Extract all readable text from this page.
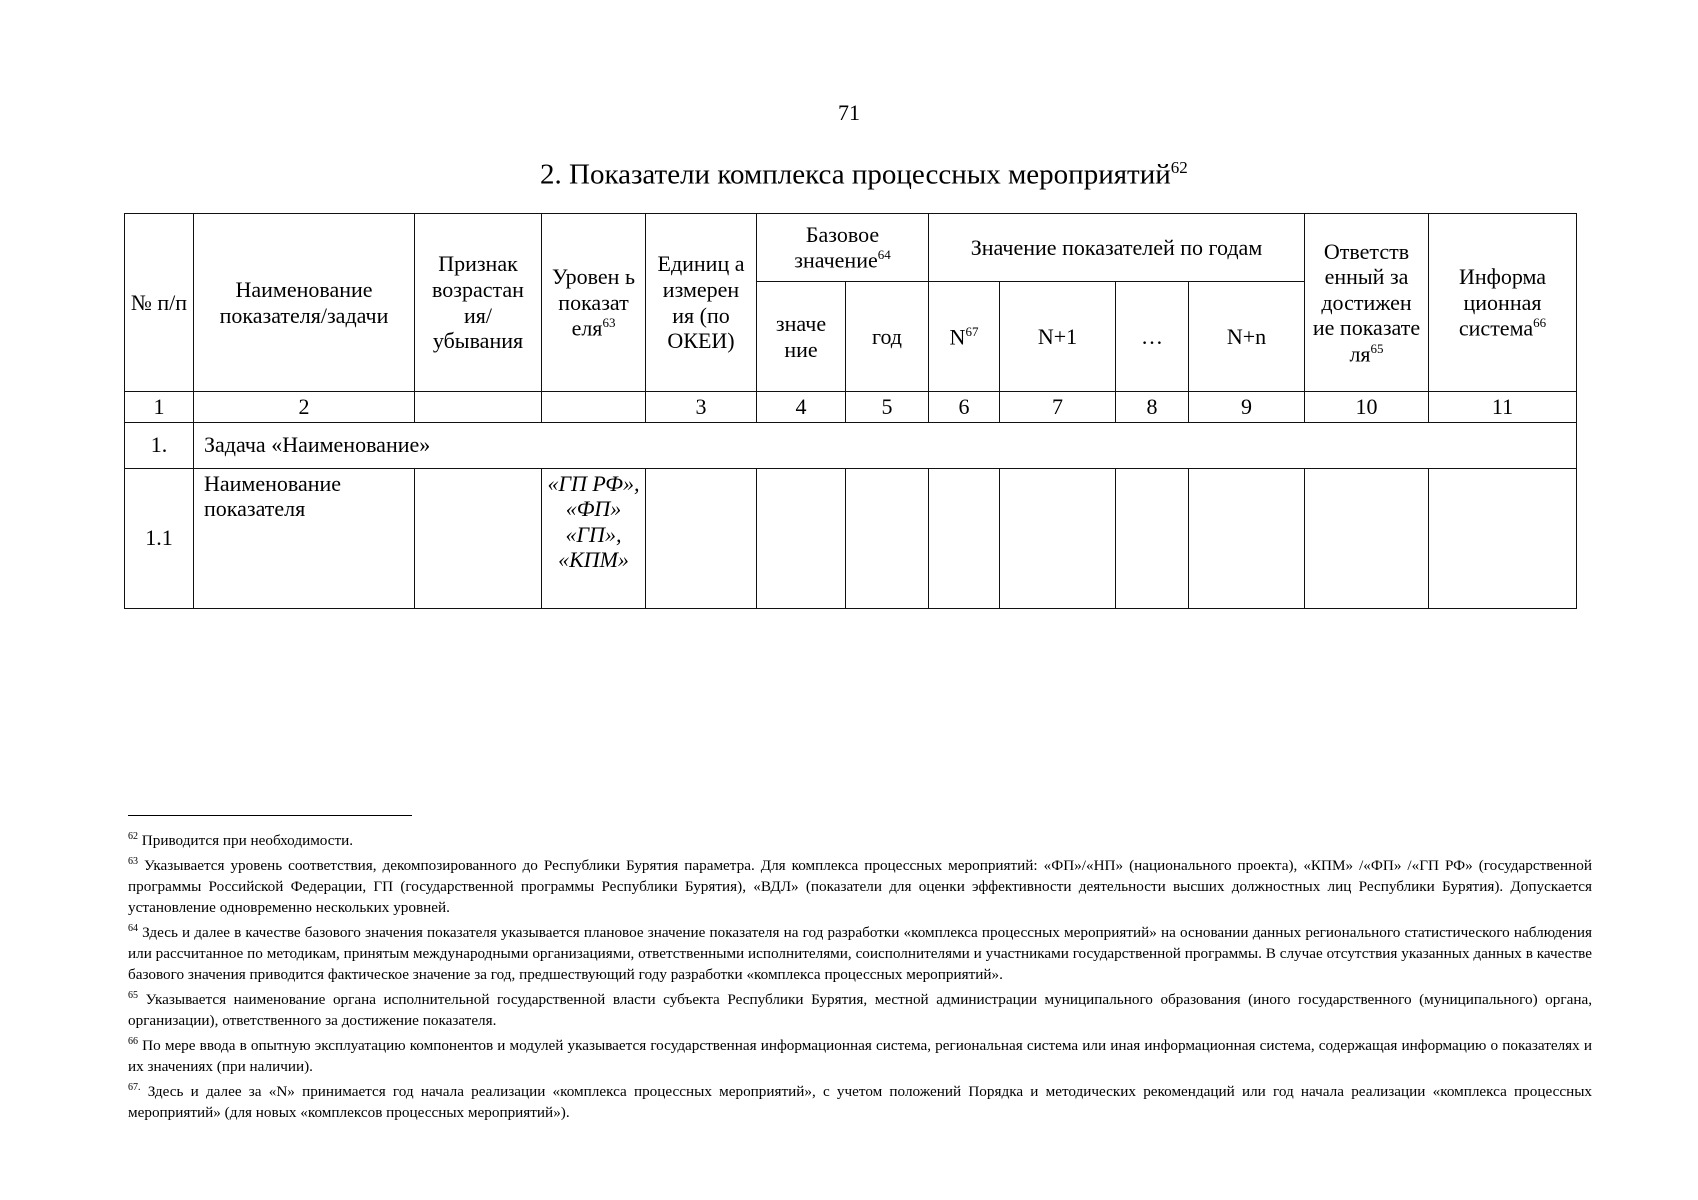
71
2. Показатели комплекса процессных мероприятий$^{62}$
№ п/п	Наименование показателя/задачи	Признак возрастан ия/ убывания	Уровен ь показат еля$^{63}$	Единиц а измерен ия (по ОКЕИ)	Базовое значение$^{64}$		Значение показателей по годам				Ответств енный за достижен ие показате $ля^{65}$	Информа ционная система$^{66}$
					значе ние	год	$N^{67}$	N+1	…	N+n		
1	2			3	4	5	6	7	8	9	10	11
1.	Задача «Наименование»											
1.1	Наименование показателя		«ГП РФ»,
«ФП»
«ГП»,
«КПМ»									

$^{62}$ Приводится при необходимости.

$^{63}$ Указывается уровень соответствия, декомпозированного до Республики Бурятия параметра. Для комплекса процессных мероприятий: «ФП»/«НП» (национального проекта), «КПМ» /«ФП» /«ГП РФ» (государственной программы Российской Федерации, ГП (государственной программы Республики Бурятия), «ВДЛ» (показатели для оценки эффективности деятельности высших должностных лиц Республики Бурятия). Допускается установление одновременно нескольких уровней.

$^{64}$ Здесь и далее в качестве базового значения показателя указывается плановое значение показателя на год разработки «комплекса процессных мероприятий» на основании данных регионального статистического наблюдения или рассчитанное по методикам, принятым международными организациями, ответственными исполнителями, соисполнителями и участниками государственной программы. В случае отсутствия указанных данных в качестве базового значения приводится фактическое значение за год, предшествующий году разработки «комплекса процессных мероприятий».

$^{65}$ Указывается наименование органа исполнительной государственной власти субъекта Республики Бурятия, местной администрации муниципального образования (иного государственного (муниципального) органа, организации), ответственного за достижение показателя.

$^{66}$ По мере ввода в опытную эксплуатацию компонентов и модулей указывается государственная информационная система, региональная система или иная информационная система, содержащая информацию о показателях и их значениях (при наличии).

$^{67.}$ Здесь и далее за «N» принимается год начала реализации «комплекса процессных мероприятий», с учетом положений Порядка и методических рекомендаций или год начала реализации «комплекса процессных мероприятий» (для новых «комплексов процессных мероприятий»).
